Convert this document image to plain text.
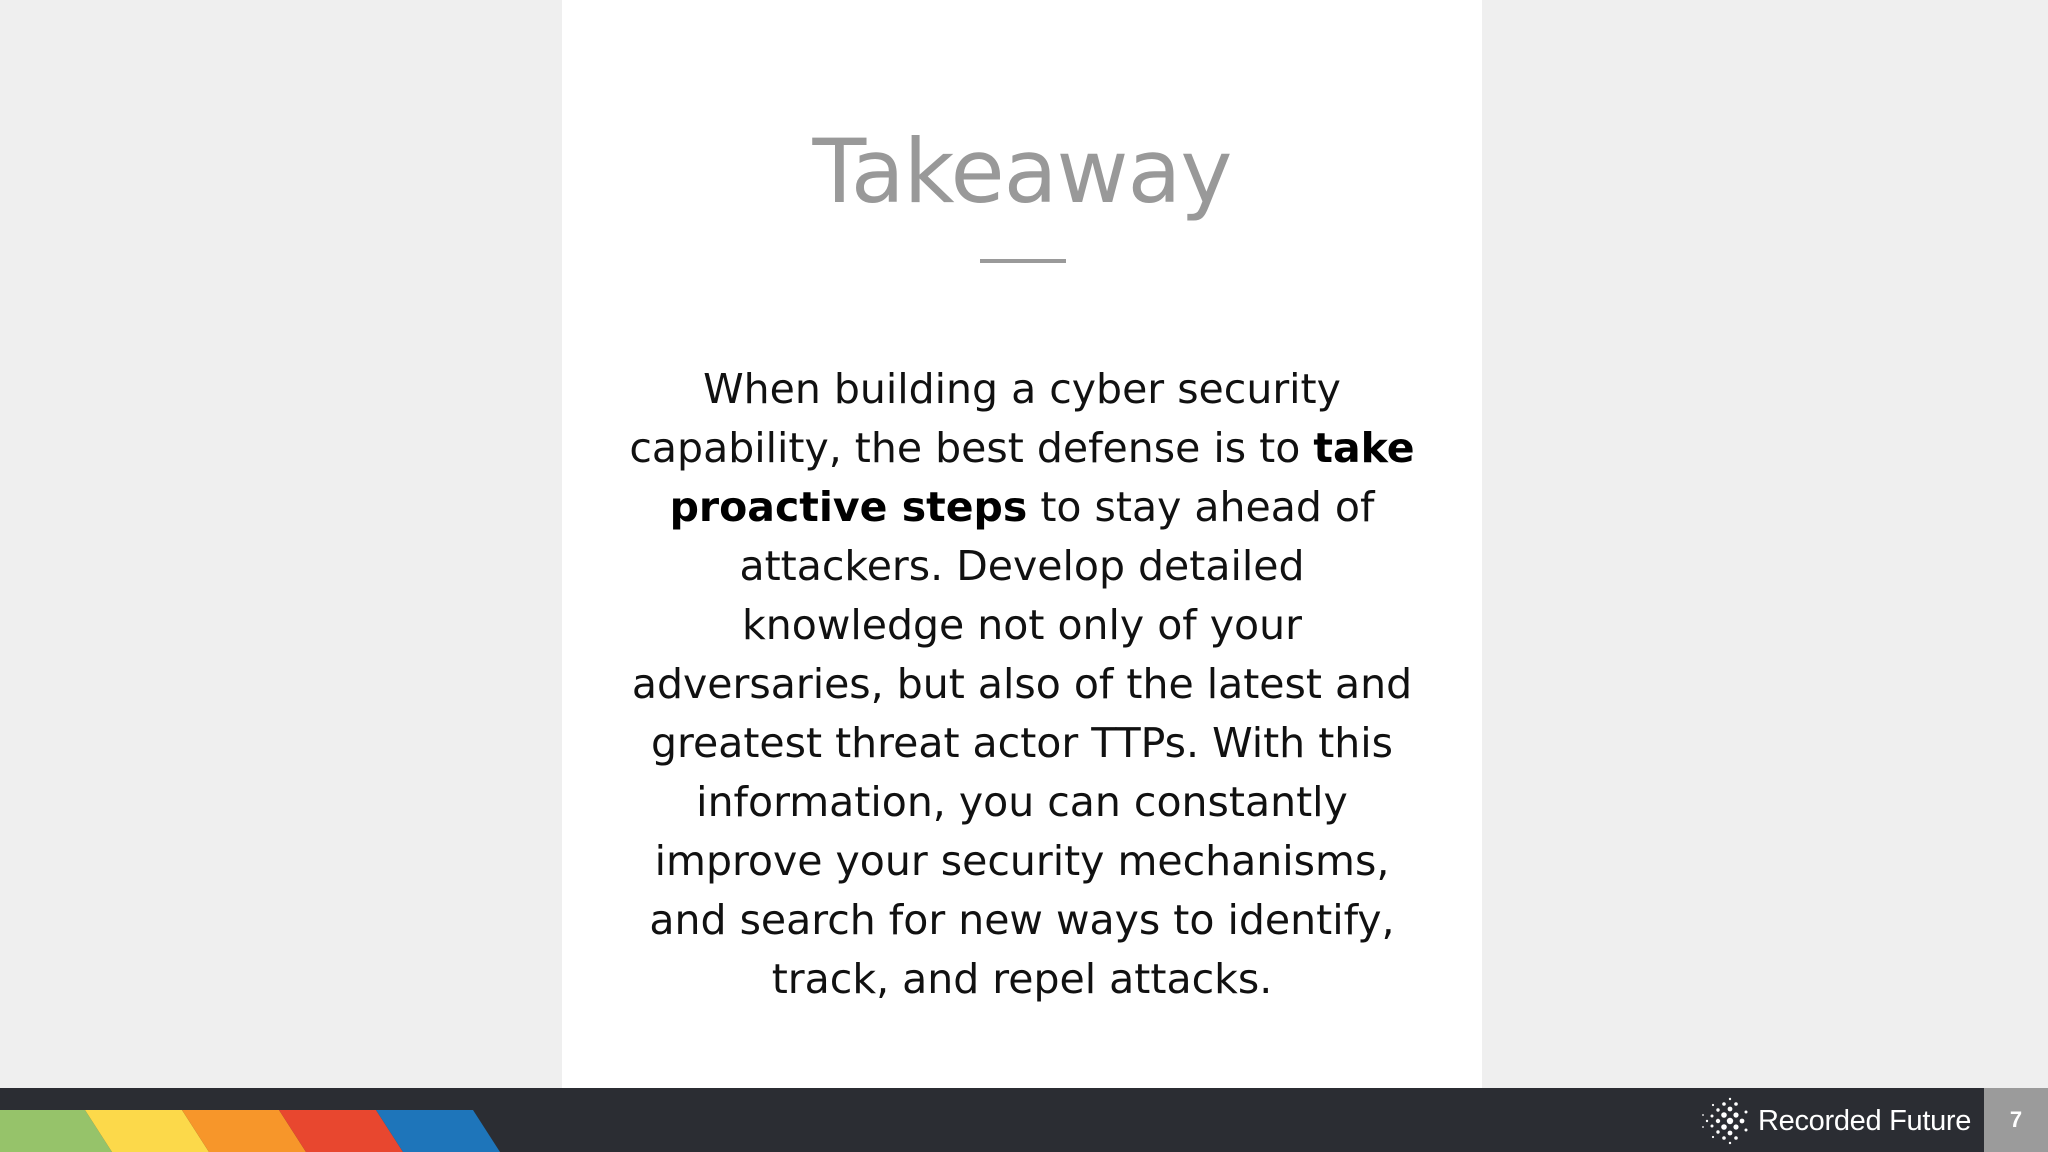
Takeaway
When building a cyber security capability, the best defense is to take proactive steps to stay ahead of attackers. Develop detailed knowledge not only of your adversaries, but also of the latest and greatest threat actor TTPs. With this information, you can constantly improve your security mechanisms, and search for new ways to identify, track, and repel attacks.
Recorded Future	7
